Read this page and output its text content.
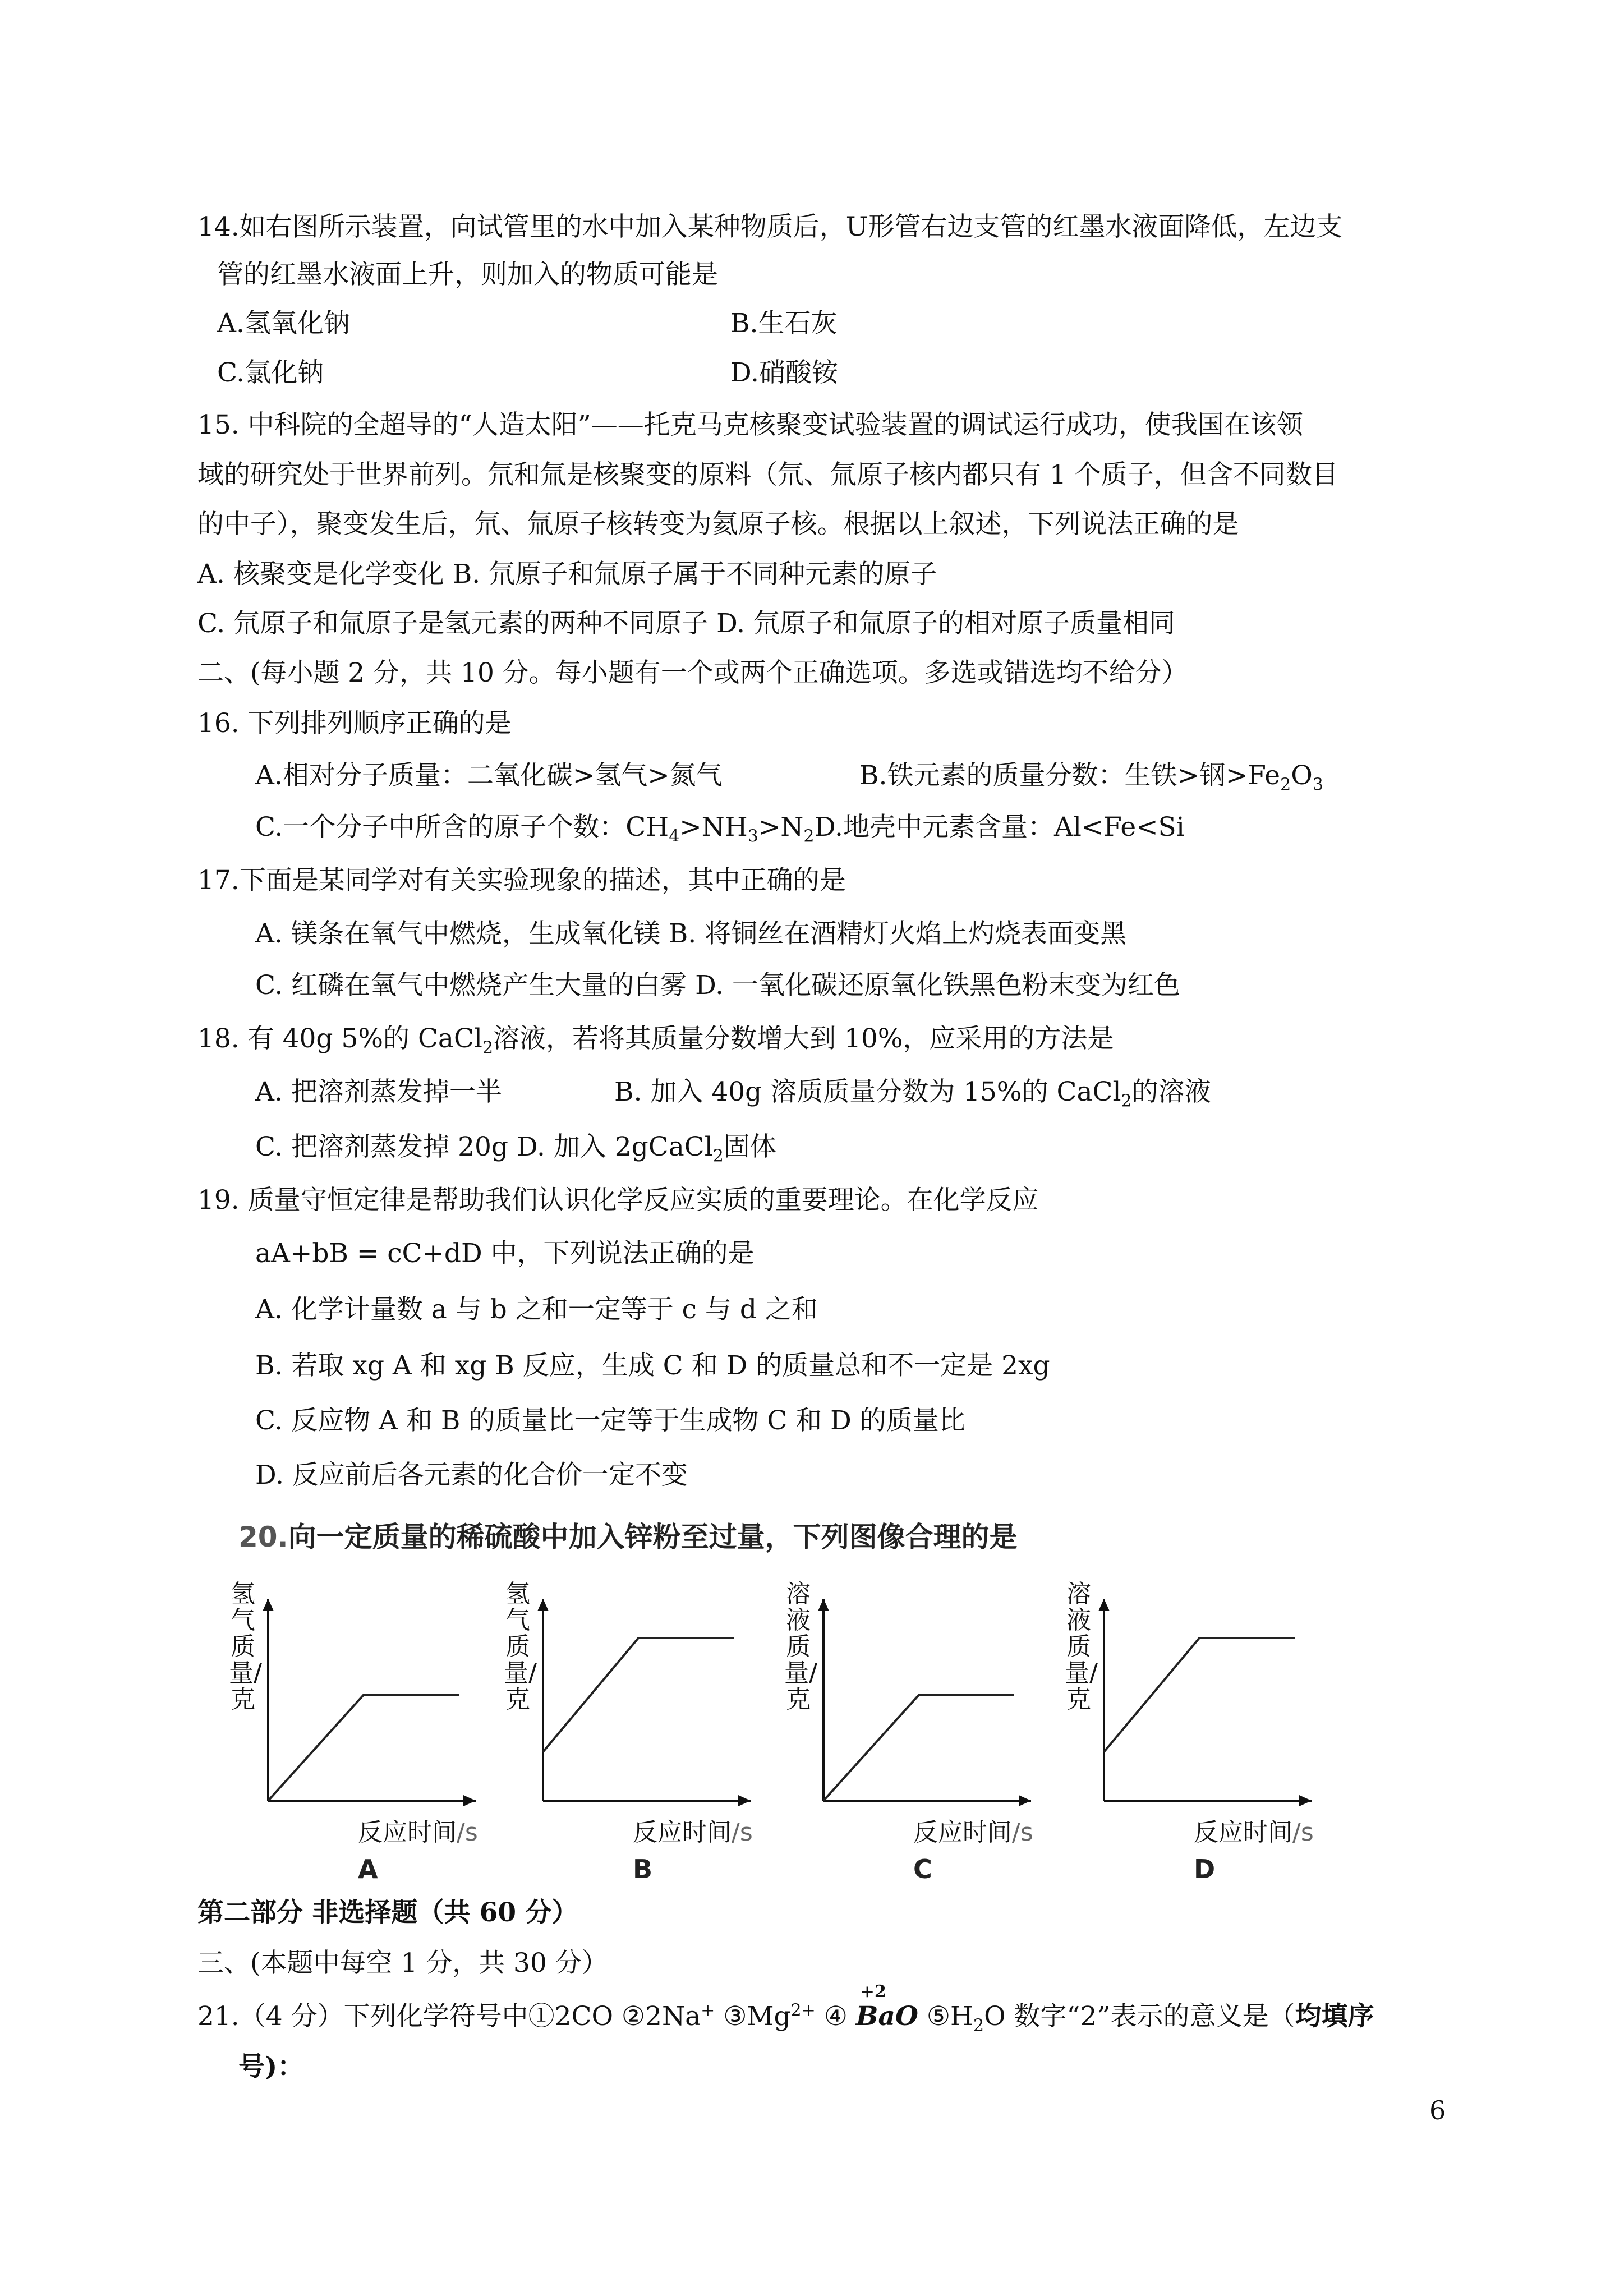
14.如右图所示装置，向试管里的水中加入某种物质后，U形管右边支管的红墨水液面降低，左边支
管的红墨水液面上升，则加入的物质可能是
A.氢氧化钠	B.生石灰
C.氯化钠	D.硝酸铵
15. 中科院的全超导的“人造太阳”——托克马克核聚变试验装置的调试运行成功，使我国在该领
域的研究处于世界前列。氘和氚是核聚变的原料（氘、氚原子核内都只有 1 个质子，但含不同数目
的中子），聚变发生后，氘、氚原子核转变为氦原子核。根据以上叙述，下列说法正确的是
A. 核聚变是化学变化 B. 氘原子和氚原子属于不同种元素的原子
C. 氘原子和氚原子是氢元素的两种不同原子 D. 氘原子和氚原子的相对原子质量相同
二、(每小题 2 分，共 10 分。每小题有一个或两个正确选项。多选或错选均不给分）
16. 下列排列顺序正确的是
A.相对分子质量：二氧化碳>氢气>氮气	B.铁元素的质量分数：生铁>钢$>Fe_2O_3$
C.一个分子中所含的原子个数：$CH_4>NH_3>N_2$ D.地壳中元素含量：Al<Fe<Si
17.下面是某同学对有关实验现象的描述，其中正确的是
A. 镁条在氧气中燃烧，生成氧化镁 B. 将铜丝在酒精灯火焰上灼烧表面变黑
C. 红磷在氧气中燃烧产生大量的白雾 D. 一氧化碳还原氧化铁黑色粉末变为红色
18. 有 40g 5%的 CaCl$_2$溶液，若将其质量分数增大到 10%，应采用的方法是
A. 把溶剂蒸发掉一半	B. 加入 40g 溶质质量分数为 15%的 CaCl$_2$的溶液
C. 把溶剂蒸发掉 20g D. 加入 2gCaCl$_2$固体
19. 质量守恒定律是帮助我们认识化学反应实质的重要理论。在化学反应
aA+bB = cC+dD 中，下列说法正确的是
A. 化学计量数 a 与 b 之和一定等于 c 与 d 之和
B. 若取 xg A 和 xg B 反应，生成 C 和 D 的质量总和不一定是 2xg
C. 反应物 A 和 B 的质量比一定等于生成物 C 和 D 的质量比
D. 反应前后各元素的化合价一定不变
20.向一定质量的稀硫酸中加入锌粉至过量，下列图像合理的是
氢气质量/克
反应时间/s
A
氢气质量/克
反应时间/s
B
溶液质量/克
反应时间/s
C
溶液质量/克
反应时间/s
D
第二部分 非选择题（共 60 分）
三、(本题中每空 1 分，共 30 分）
21.（4 分）下列化学符号中①2CO ②2Na+ $③Mg^{2+}$ ④
+2
BaO $⑤H_2O$ 数字“2”表示的意义是（均填序
号)：
6
